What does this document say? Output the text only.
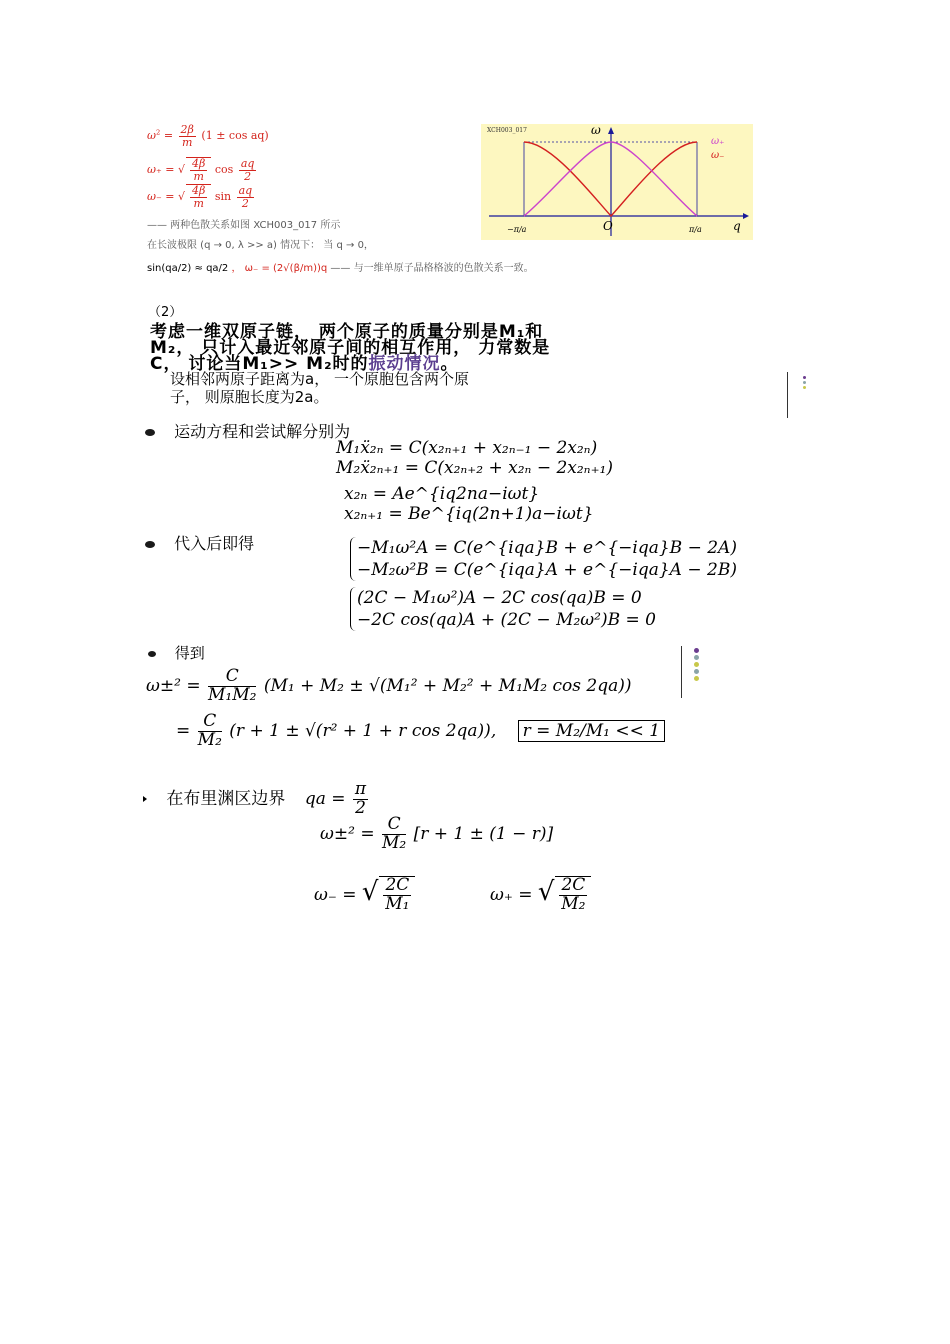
$\omega^2 = \frac{2\beta}{m} (1 \pm \cos aq)$
ω₊ = √ $\frac{4\beta}{m}$ $\cos \frac{aq}{2}$
ω₋ = √ $\frac{4\beta}{m}$ $\sin \frac{aq}{2}$
—— 两种色散关系如图 XCH003_017 所示
在长波极限 (q → 0, λ >> a) 情况下： 当 q → 0，
sin(qa/2) ≈ qa/2 ， ω₋ = (2√(β/m))q —— 与一维单原子晶格格波的色散关系一致。
XCH003_017	ω
q
O
−π/a	π/a
ω₊
ω₋
（2）
考虑一维双原子链， 两个原子的质量分别是M₁和
M₂， 只计入最近邻原子间的相互作用， 力常数是
C， 讨论当M₁>> M₂时的振动情况。
设相邻两原子距离为a， 一个原胞包含两个原
子， 则原胞长度为2a。
运动方程和尝试解分别为
M₁ẍ₂ₙ = C(x₂ₙ₊₁ + x₂ₙ₋₁ − 2x₂ₙ)
M₂ẍ₂ₙ₊₁ = C(x₂ₙ₊₂ + x₂ₙ − 2x₂ₙ₊₁)
x₂ₙ = Ae^{iq2na−iωt}
x₂ₙ₊₁ = Be^{iq(2n+1)a−iωt}
代入后即得	−M₁ω²A = C(e^{iqa}B + e^{−iqa}B − 2A)
−M₂ω²B = C(e^{iqa}A + e^{−iqa}A − 2B)
(2C − M₁ω²)A − 2C cos(qa)B = 0
−2C cos(qa)A + (2C − M₂ω²)B = 0
得到
$\omega\pm^2 = \frac{C}{\text{M₁M₂}} (M_1 + M_2 \pm √(M_1^2 + M_2^2 + M_1M_2$ cos 2qa))
= $\frac{C}{\text{M₂}} (r + 1 \pm √(r^2 + 1 + r$ cos 2qa)), r = M₂/M₁ << 1
在布里渊区边界 qa = $\frac{\pi}{2}$
$\omega\pm^2 = \frac{C}{\text{M₂}} [r + 1 \pm (1 - r)]$
ω₋ = √ $\frac{2C}{\text{M₁}}$	ω₊ = √ $\frac{2C}{\text{M₂}}$
